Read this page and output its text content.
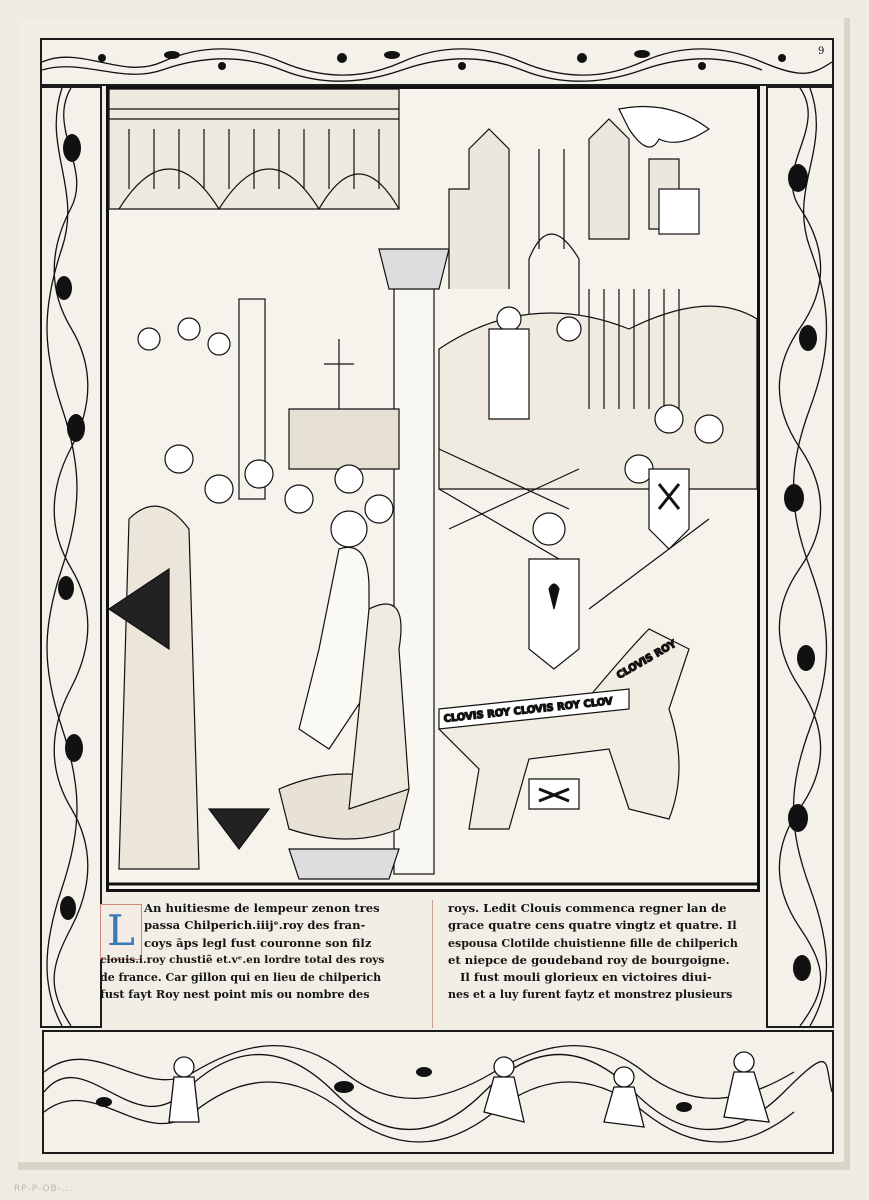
9
CLOVIS ROY CLOVIS ROY CLOV
CLOVIS ROY
L An huitiesme de lempeur zenon tres
passa Chilperich.iiijᵉ.roy des fran-
coys āps legl fust couronne son filz
clouis.i.roy chustiẽ et.vᵉ.en lordre total des roys
de france. Car gillon qui en lieu de chilperich
fust fayt Roy nest point mis ou nombre des
roys. Ledit Clouis commenca regner lan de
grace quatre cens quatre vingtz et quatre. Il
espousa Clotilde chuistienne fille de chilperich
et niepce de goudeband roy de bourgoigne.
Il fust mouli glorieux en victoires diui-
nes et a luy furent faytz et monstrez plusieurs
RP-P-OB-...
